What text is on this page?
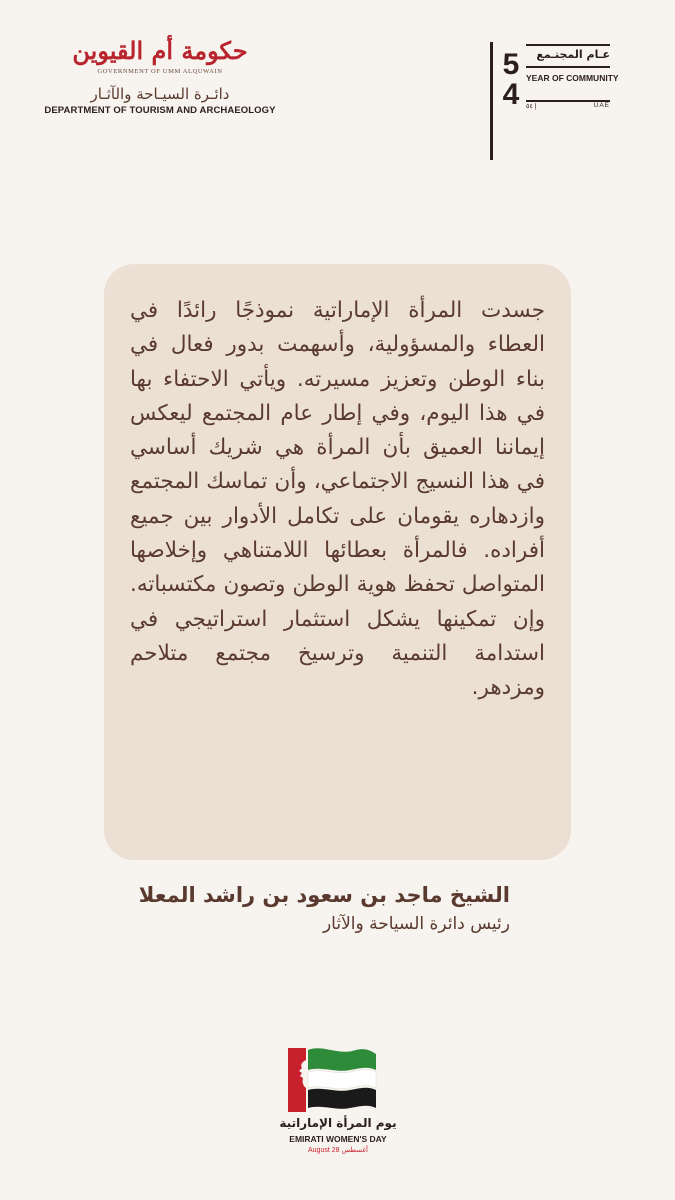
حكومة أم القيوين
GOVERNMENT OF UMM ALQUWAIN
دائـرة السيـاحة والآثـار
DEPARTMENT OF TOURISM AND ARCHAEOLOGY
5
4
عـام المجتـمع
YEAR OF COMMUNITY
إ ٥٤	UAE

جسدت المرأة الإماراتية نموذجًا رائدًا في العطاء والمسؤولية، وأسهمت بدور فعال في بناء الوطن وتعزيز مسيرته. ويأتي الاحتفاء بها في هذا اليوم، وفي إطار عام المجتمع ليعكس إيماننا العميق بأن المرأة هي شريك أساسي في هذا النسيج الاجتماعي، وأن تماسك المجتمع وازدهاره يقومان على تكامل الأدوار بين جميع أفراده. فالمرأة بعطائها اللامتناهي وإخلاصها المتواصل تحفظ هوية الوطن وتصون مكتسباته. وإن تمكينها يشكل استثمار استراتيجي في استدامة التنمية وترسيخ مجتمع متلاحم ومزدهر.

الشيخ ماجد بن سعود بن راشد المعلا
رئيس دائرة السياحة والآثار
يوم المرأة الإماراتية
EMIRATI WOMEN'S DAY
August 28 أغسطس
